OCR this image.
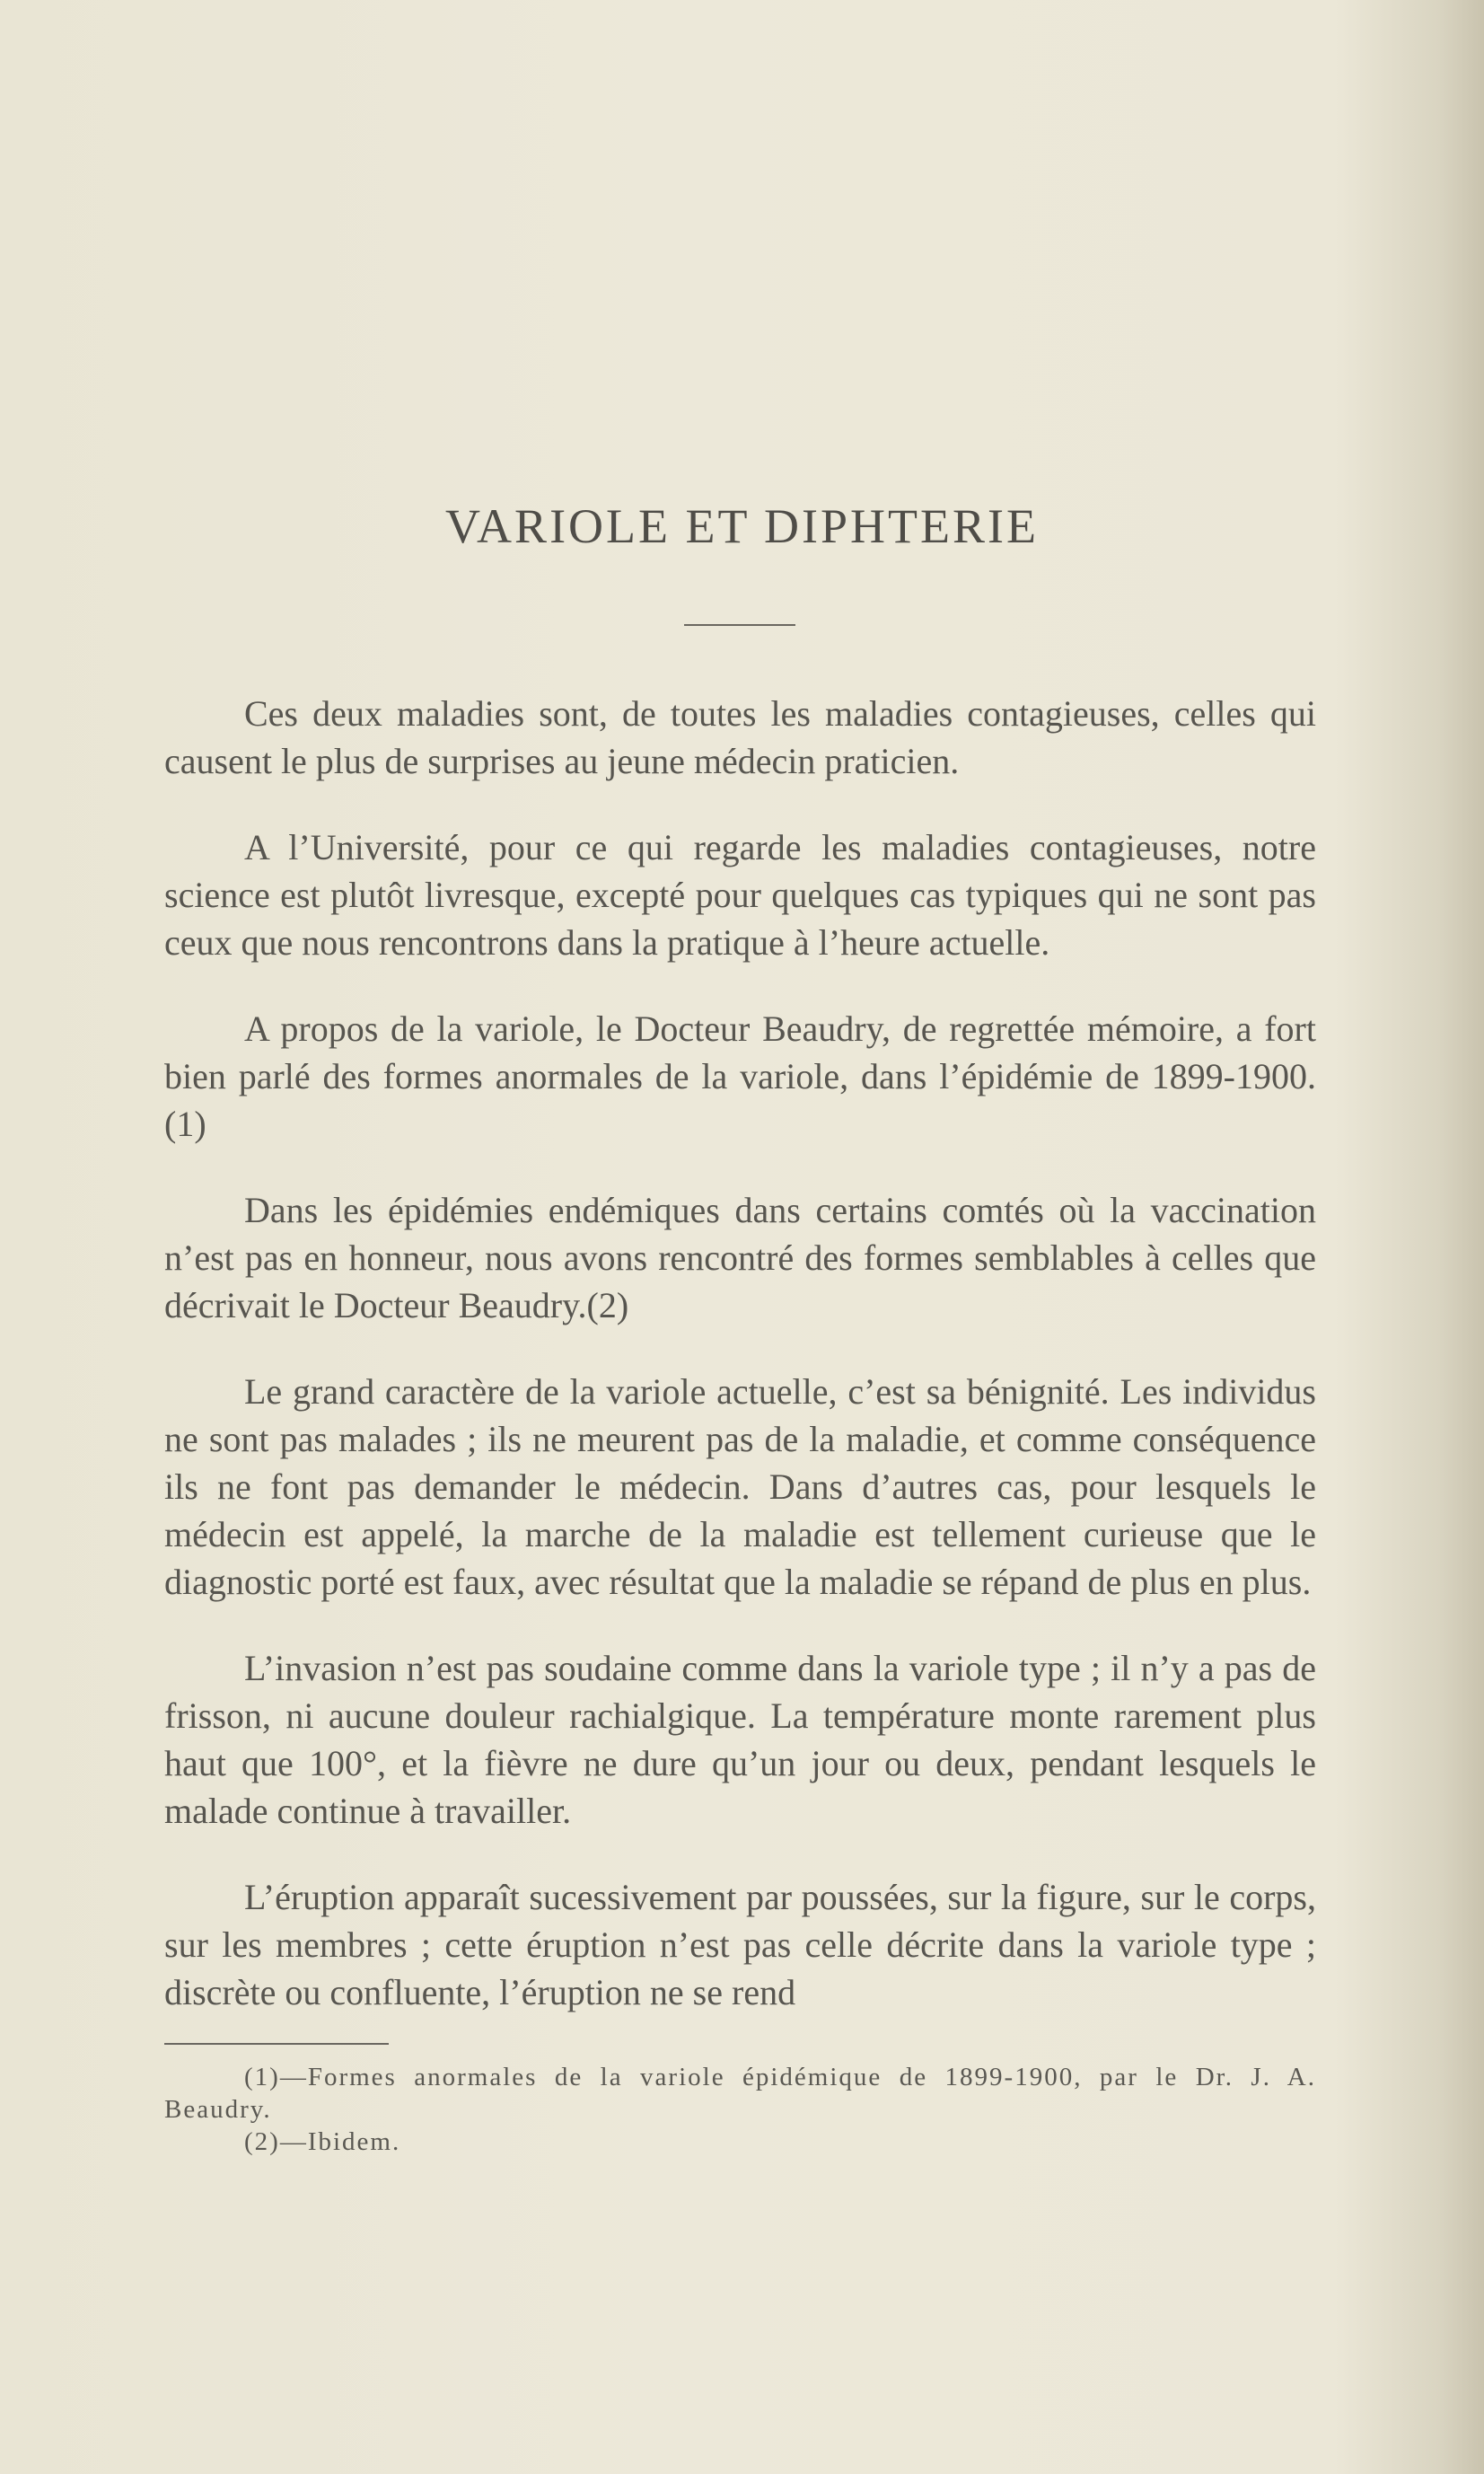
VARIOLE ET DIPHTERIE

Ces deux maladies sont, de toutes les maladies contagieuses, celles qui causent le plus de surprises au jeune médecin praticien.

A l’Université, pour ce qui regarde les maladies contagieuses, notre science est plutôt livresque, excepté pour quelques cas typiques qui ne sont pas ceux que nous rencontrons dans la pratique à l’heure actuelle.

A propos de la variole, le Docteur Beaudry, de regrettée mémoire, a fort bien parlé des formes anormales de la variole, dans l’épidémie de 1899-1900.(1)

Dans les épidémies endémiques dans certains comtés où la vaccination n’est pas en honneur, nous avons rencontré des formes semblables à celles que décrivait le Docteur Beaudry.(2)

Le grand caractère de la variole actuelle, c’est sa bénignité. Les individus ne sont pas malades ; ils ne meurent pas de la maladie, et comme conséquence ils ne font pas demander le médecin. Dans d’autres cas, pour lesquels le médecin est appelé, la marche de la maladie est tellement curieuse que le diagnostic porté est faux, avec résultat que la maladie se répand de plus en plus.

L’invasion n’est pas soudaine comme dans la variole type ; il n’y a pas de frisson, ni aucune douleur rachialgique. La température monte rarement plus haut que 100°, et la fièvre ne dure qu’un jour ou deux, pendant lesquels le malade continue à travailler.

L’éruption apparaît sucessivement par poussées, sur la figure, sur le corps, sur les membres ; cette éruption n’est pas celle décrite dans la variole type ; discrète ou confluente, l’éruption ne se rend

(1)—Formes anormales de la variole épidémique de 1899-1900, par le Dr. J. A. Beaudry.

(2)—Ibidem.
